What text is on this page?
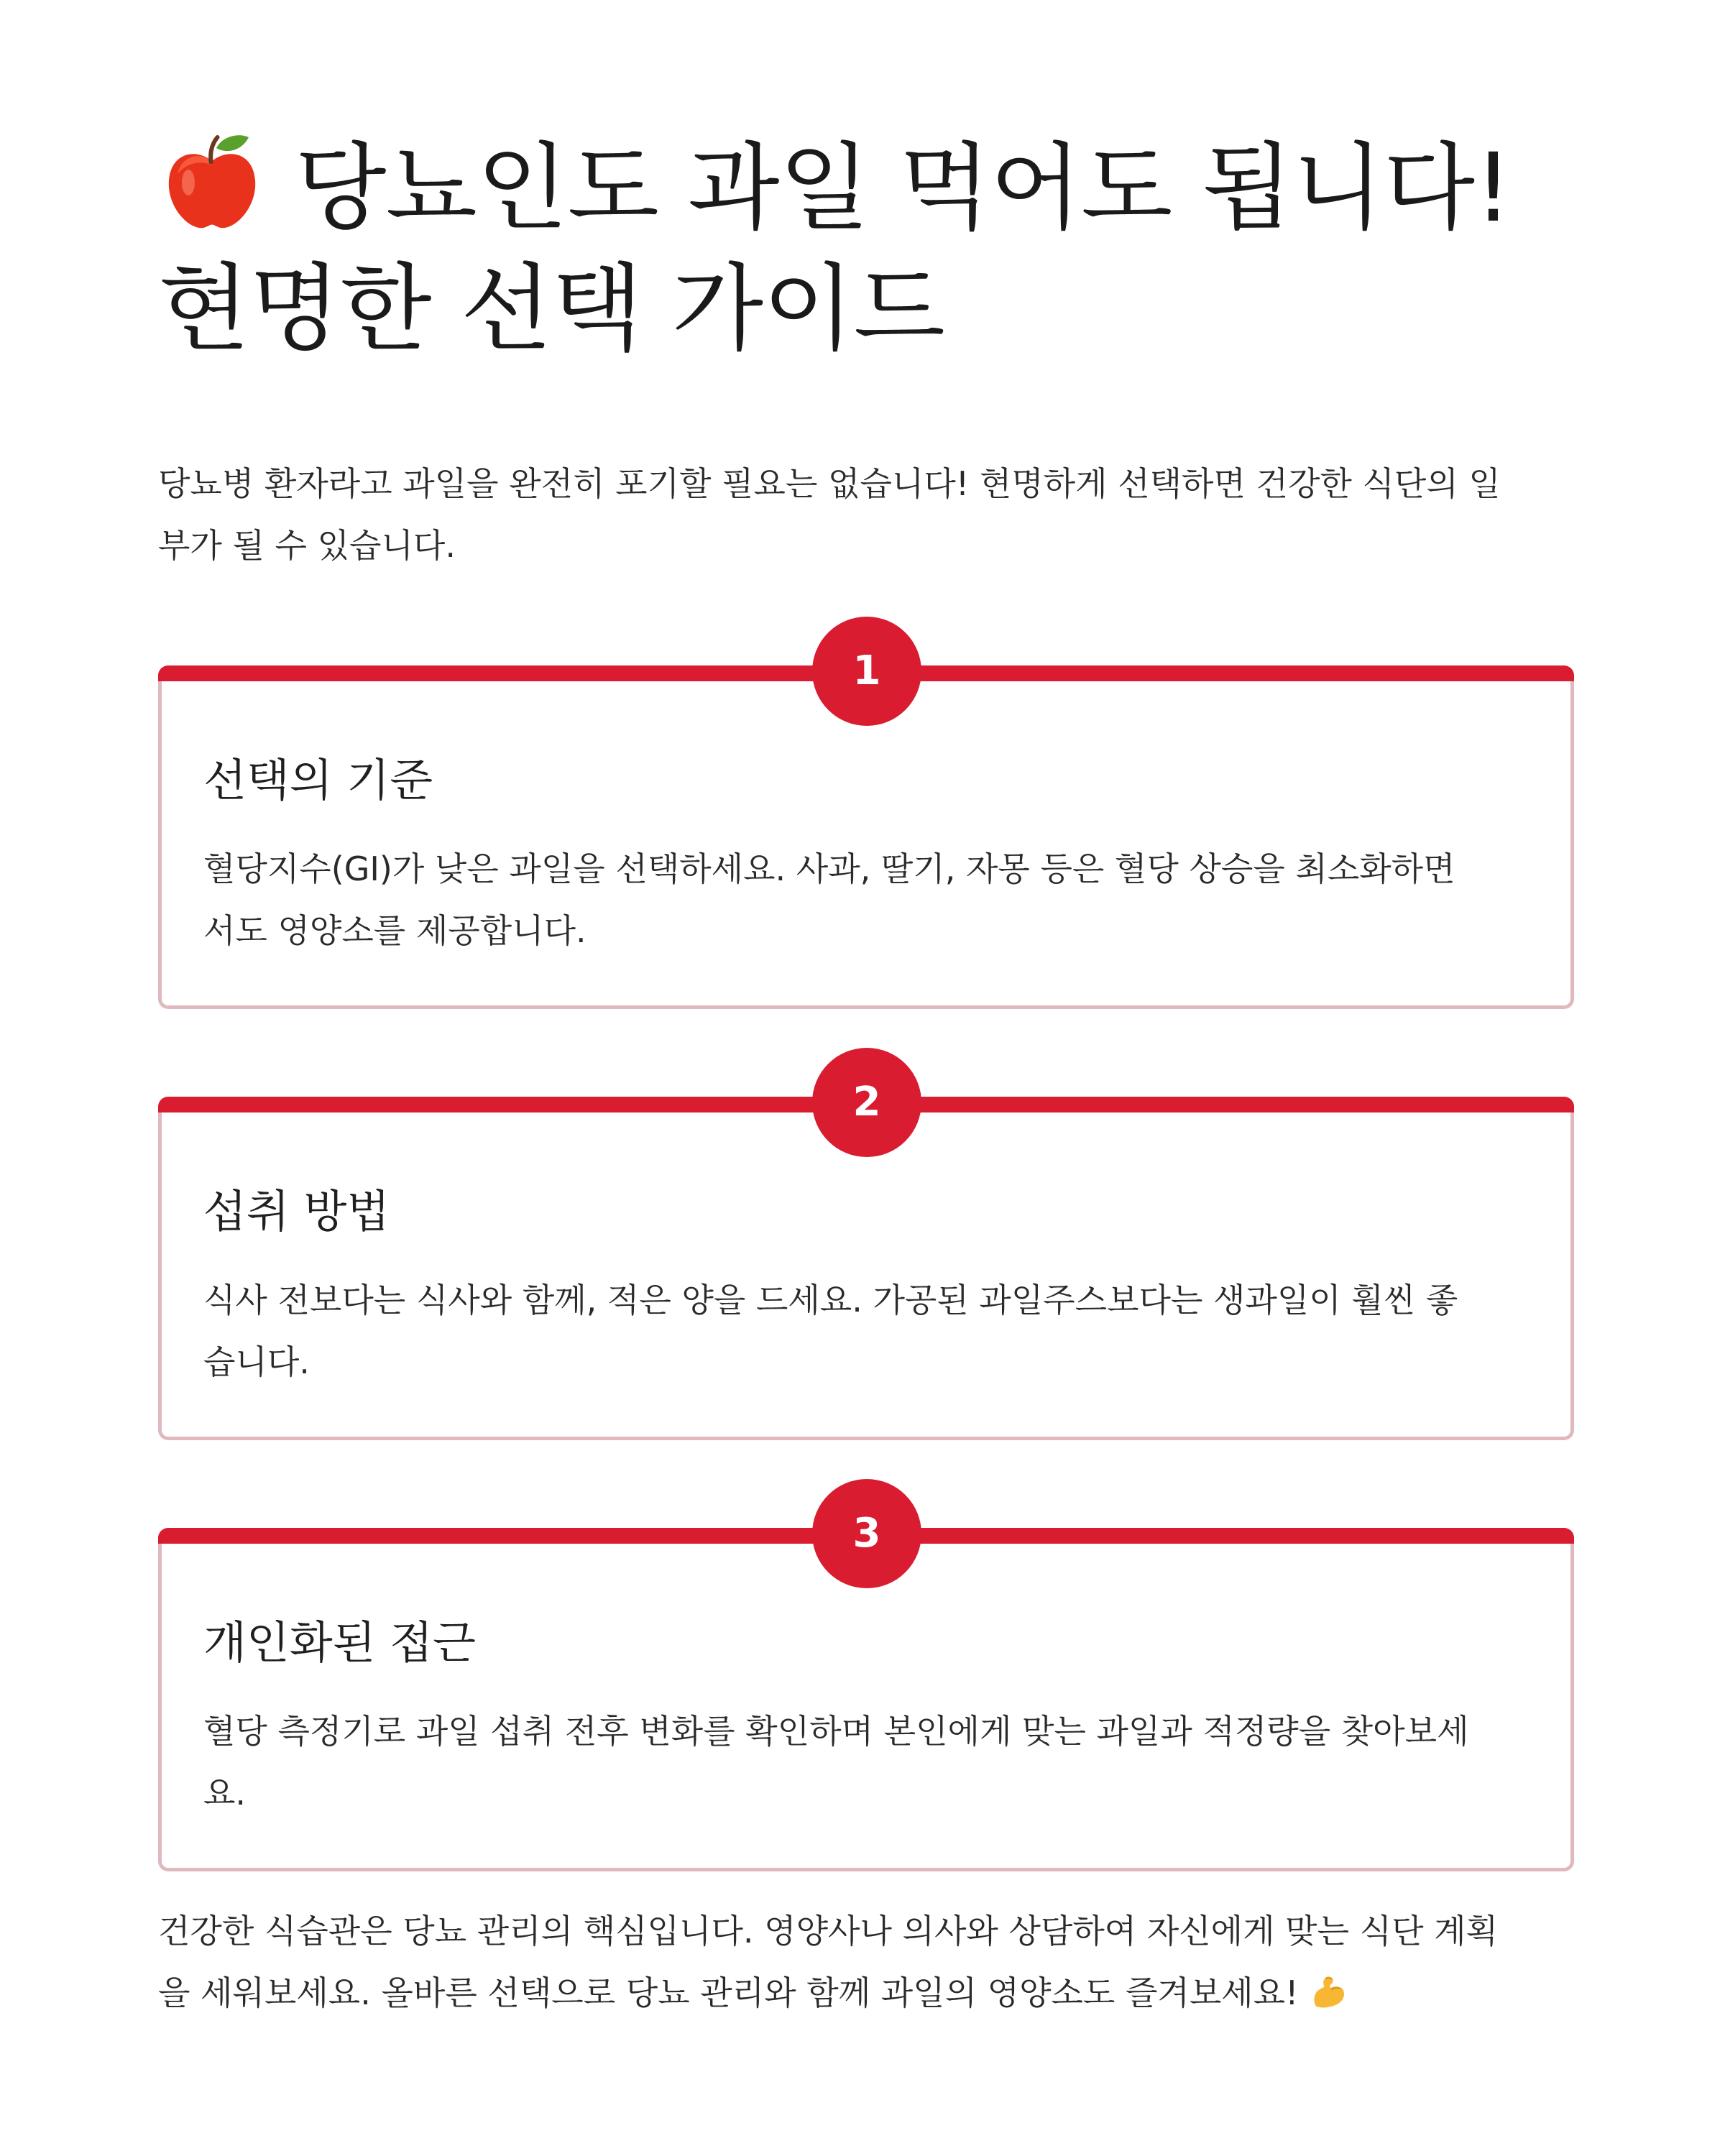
당뇨인도 과일 먹어도 됩니다!
현명한 선택 가이드
당뇨병 환자라고 과일을 완전히 포기할 필요는 없습니다! 현명하게 선택하면 건강한 식단의 일
부가 될 수 있습니다.
1
선택의 기준
혈당지수(GI)가 낮은 과일을 선택하세요. 사과, 딸기, 자몽 등은 혈당 상승을 최소화하면
서도 영양소를 제공합니다.
2
섭취 방법
식사 전보다는 식사와 함께, 적은 양을 드세요. 가공된 과일주스보다는 생과일이 훨씬 좋
습니다.
3
개인화된 접근
혈당 측정기로 과일 섭취 전후 변화를 확인하며 본인에게 맞는 과일과 적정량을 찾아보세
요.
건강한 식습관은 당뇨 관리의 핵심입니다. 영양사나 의사와 상담하여 자신에게 맞는 식단 계획
을 세워보세요. 올바른 선택으로 당뇨 관리와 함께 과일의 영양소도 즐겨보세요!
